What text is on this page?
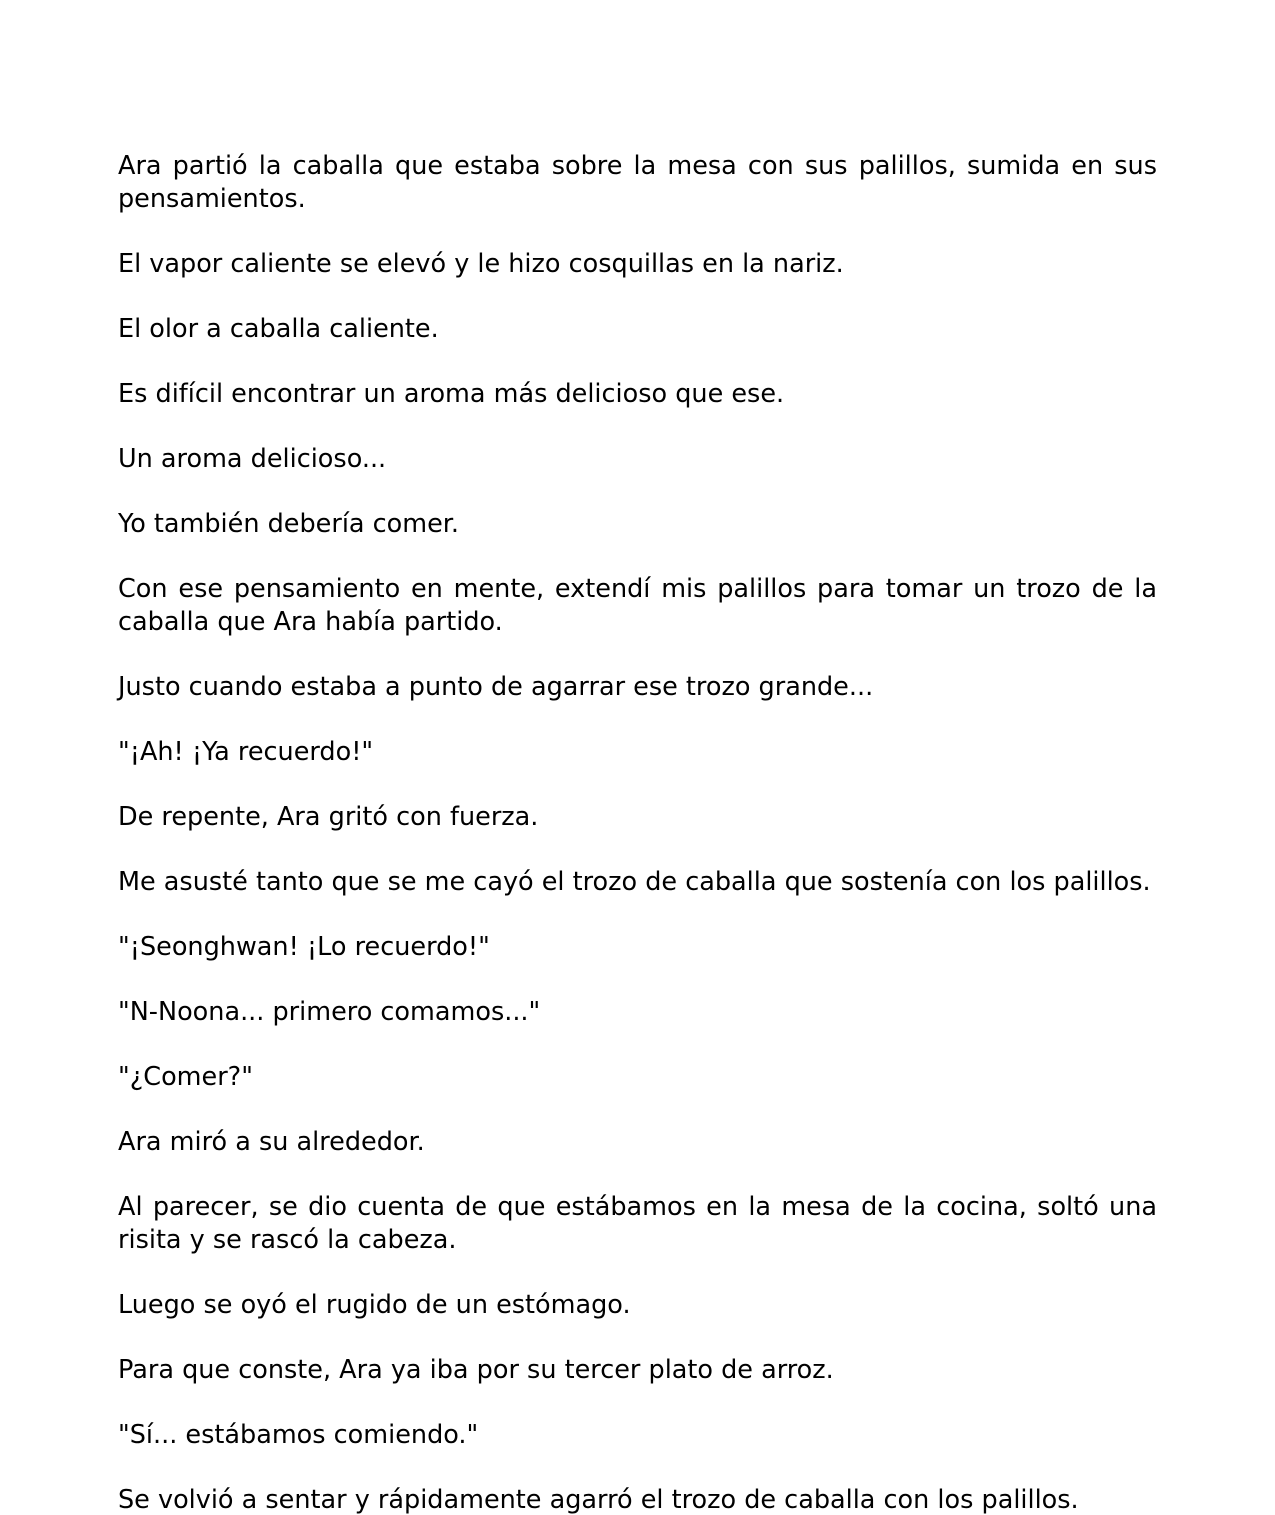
Ara partió la caballa que estaba sobre la mesa con sus palillos, sumida en sus pensamientos.

El vapor caliente se elevó y le hizo cosquillas en la nariz.

El olor a caballa caliente.

Es difícil encontrar un aroma más delicioso que ese.

Un aroma delicioso...

Yo también debería comer.

Con ese pensamiento en mente, extendí mis palillos para tomar un trozo de la caballa que Ara había partido.

Justo cuando estaba a punto de agarrar ese trozo grande...

"¡Ah! ¡Ya recuerdo!"

De repente, Ara gritó con fuerza.

Me asusté tanto que se me cayó el trozo de caballa que sostenía con los palillos.

"¡Seonghwan! ¡Lo recuerdo!"

"N-Noona... primero comamos..."

"¿Comer?"

Ara miró a su alrededor.

Al parecer, se dio cuenta de que estábamos en la mesa de la cocina, soltó una risita y se rascó la cabeza.

Luego se oyó el rugido de un estómago.

Para que conste, Ara ya iba por su tercer plato de arroz.

"Sí... estábamos comiendo."

Se volvió a sentar y rápidamente agarró el trozo de caballa con los palillos.
